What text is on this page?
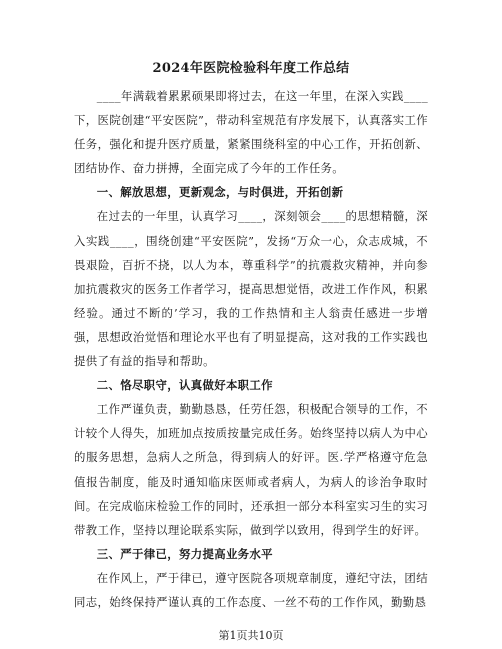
2024年医院检验科年度工作总结

____年满载着累累硕果即将过去，在这一年里，在深入实践____下，医院创建“平安医院”，带动科室规范有序发展下，认真落实工作任务，强化和提升医疗质量，紧紧围绕科室的中心工作，开拓创新、团结协作、奋力拼搏，全面完成了今年的工作任务。

一、解放思想，更新观念，与时俱进，开拓创新

在过去的一年里，认真学习____，深刻领会____的思想精髓，深入实践____，围绕创建“平安医院”，发扬“万众一心，众志成城，不畏艰险，百折不挠，以人为本，尊重科学”的抗震救灾精神，并向参加抗震救灾的医务工作者学习，提高思想觉悟，改进工作作风，积累经验。通过不断的’学习，我的工作热情和主人翁责任感进一步增强，思想政治觉悟和理论水平也有了明显提高，这对我的工作实践也提供了有益的指导和帮助。

二、恪尽职守，认真做好本职工作

工作严谨负责，勤勤恳恳，任劳任怨，积极配合领导的工作，不计较个人得失，加班加点按质按量完成任务。始终坚持以病人为中心的服务思想，急病人之所急，得到病人的好评。医.学严格遵守危急值报告制度，能及时通知临床医师或者病人，为病人的诊治争取时间。在完成临床检验工作的同时，还承担一部分本科室实习生的实习带教工作，坚持以理论联系实际，做到学以致用，得到学生的好评。

三、严于律已，努力提高业务水平

在作风上，严于律已，遵守医院各项规章制度，遵纪守法，团结同志，始终保持严谨认真的工作态度、一丝不苟的工作作风，勤勤恳

第1页共10页
